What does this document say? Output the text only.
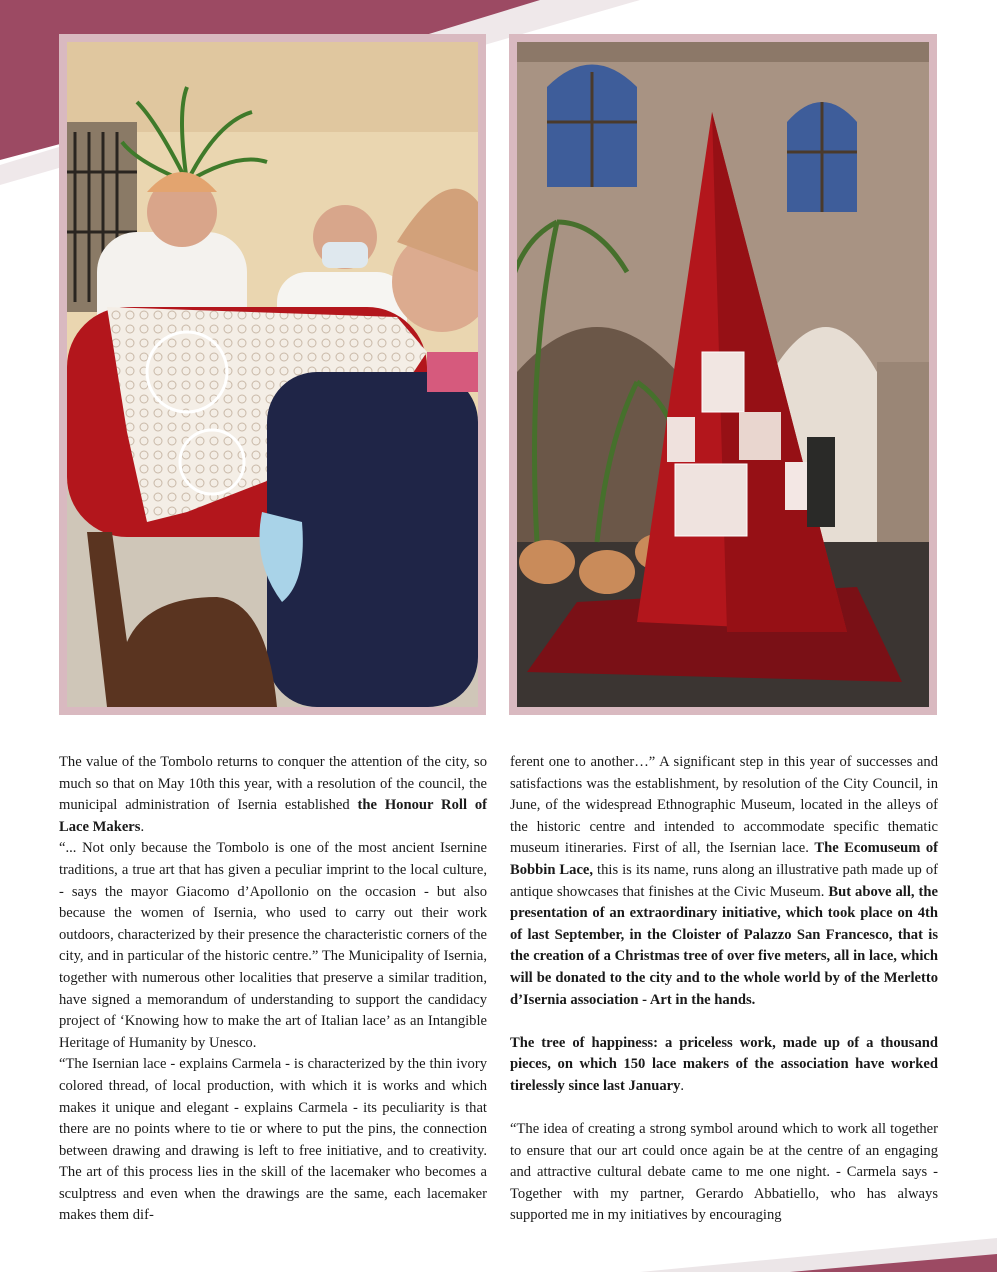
The value of the Tombolo returns to conquer the attention of the city, so much so that on May 10th this year, with a resolution of the council, the municipal administration of Isernia established the Honour Roll of Lace Makers.

“... Not only because the Tombolo is one of the most ancient Isernine traditions, a true art that has given a peculiar imprint to the local culture, - says the mayor Giacomo d’Apollonio on the occasion - but also because the women of Isernia, who used to carry out their work outdoors, characterized by their presence the characteristic corners of the city, and in particular of the historic centre.” The Municipality of Isernia, together with numerous other localities that preserve a similar tradition, have signed a memorandum of understanding to support the candidacy project of ‘Knowing how to make the art of Italian lace’ as an Intangible Heritage of Humanity by Unesco.

“The Isernian lace - explains Carmela - is characterized by the thin ivory colored thread, of local production, with which it is works and which makes it unique and elegant - explains Carmela - its peculiarity is that there are no points where to tie or where to put the pins, the connection between drawing and drawing is left to free initiative, and to creativity. The art of this process lies in the skill of the lacemaker who becomes a sculptress and even when the drawings are the same, each lacemaker makes them dif-

ferent one to another…” A significant step in this year of successes and satisfactions was the establishment, by resolution of the City Council, in June, of the widespread Ethnographic Museum, located in the alleys of the historic centre and intended to accommodate specific thematic museum itineraries. First of all, the Isernian lace. The Ecomuseum of Bobbin Lace, this is its name, runs along an illustrative path made up of antique showcases that finishes at the Civic Museum. But above all, the presentation of an extraordinary initiative, which took place on 4th of last September, in the Cloister of Palazzo San Francesco, that is the creation of a Christmas tree of over five meters, all in lace, which will be donated to the city and to the whole world by of the Merletto d’Isernia association - Art in the hands.

The tree of happiness: a priceless work, made up of a thousand pieces, on which 150 lace makers of the association have worked tirelessly since last January.

“The idea of creating a strong symbol around which to work all together to ensure that our art could once again be at the centre of an engaging and attractive cultural debate came to me one night. - Carmela says - Together with my partner, Gerardo Abbatiello, who has always supported me in my initiatives by encouraging
